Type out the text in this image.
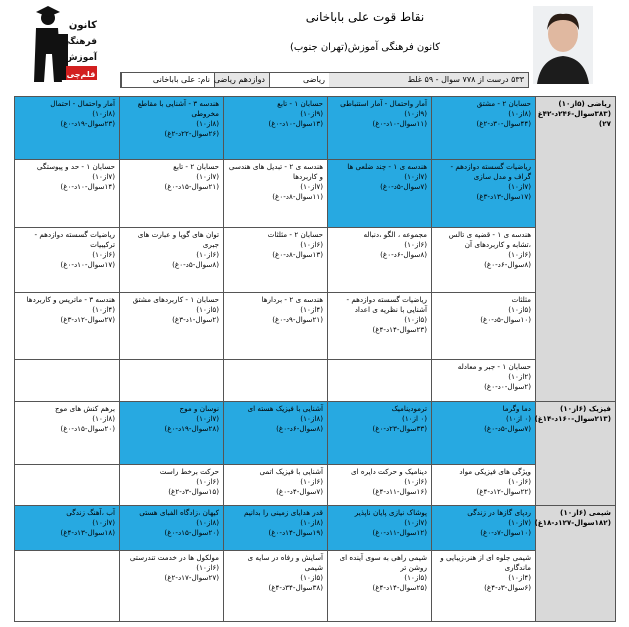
کانون
فرهنگی
آموزش
قلم‌چی
نقاط قوت علی باباخانی
کانون فرهنگی آموزش(تهران جنوب)
نام: علی باباخانی دوازدهم ریاضی	ریاضی	۵۳۳ درست از ۷۷۸ سوال - ۵۹ غلط
ریاضی (۵از۱۰) (۳۸۳سوال-۲۴۶د-۴۲غ ۲۷)	حسابان ۲ - مشتق
(۸از۱۰)
(۴۴سوال-۳۰د-۲غ)	آمار واحتمال - آمار استنباطی
(۹از۱۰)
(۱۱سوال-۱۰د-۰غ)	حسابان ۱ - تابع
(۹از۱۰)
(۱۳سوال-۱۰د-۰غ)	هندسه ۳ - آشنایی با مقاطع مخروطی
(۸از۱۰)
(۲۶سوال-۲۲د-۲غ)	آمار واحتمال - احتمال
(۸از۱۰)
(۲۳سوال-۱۹د-۰غ)

	ریاضیات گسسته دوازدهم - گراف و مدل سازی
(۷از۱۰)
(۱۷سوال-۱۳د-۳غ)	هندسه ی ۱ - چند ضلعی ها
(۷از۱۰)
(۷سوال-۵د-۰غ)	هندسه ی ۲ - تبدیل های هندسی و کاربردها
(۷از۱۰)
(۱۱سوال-۸د-۰غ)	حسابان ۲ - تابع
(۷از۱۰)
(۲۱سوال-۱۵د-۰غ)	حسابان ۱ - حد و پیوستگی
(۷از۱۰)
(۱۴سوال-۱۰د-۰غ)

	هندسه ی ۱ - قضیه ی تالس ،تشابه و کاربردهای آن
(۶از۱۰)
(۸سوال-۶د-۰غ)	مجموعه ، الگو ،دنباله
(۶از۱۰)
(۸سوال-۶د-۰غ)	حسابان ۲ - مثلثات
(۶از۱۰)
(۱۳سوال-۸د-۰غ)	توان های گویا و عبارت های جبری
(۶از۱۰)
(۸سوال-۵د-۰غ)	ریاضیات گسسته دوازدهم - ترکیبیات
(۶از۱۰)
(۱۷سوال-۱۰د-۰غ)

	مثلثات
(۵از۱۰)
(۱۰سوال-۵د-۰غ)	ریاضیات گسسته دوازدهم - آشنایی با نظریه ی اعداد
(۵از۱۰)
(۲۳سوال-۱۴د-۴غ)	هندسه ی ۲ - بردارها
(۴از۱۰)
(۲۱سوال-۹د-۰غ)	حسابان ۱ - کاربردهای مشتق
(۵از۱۰)
(۲سوال-۱د-۳غ)	هندسه ۳ - ماتریس و کاربردها
(۴از۱۰)
(۲۷سوال-۱۲د-۳غ)

	حسابان ۱ - جبر و معادله
(۲از۱۰)
(۲سوال-۰د-۰غ)				

فیزیک (۶از۱۰) (۲۱۳سوال-۱۶۰د-۱۴غ)	دما وگرما
(۰ از۱۰)
(۷سوال-۵د-۰غ)	ترمودینامیک
(۰ از۱۰)
(۳۳سوال-۲۳د-۰غ)	آشنایی با فیزیک هسته ای
(۸از۱۰)
(۸سوال-۶د-۰غ)	نوسان و موج
(۷از۱۰)
(۲۸سوال-۱۹د-۰غ)	برهم کنش های موج
(۸از۱۰)
(۲۰سوال-۱۵د-۰غ)

	ویژگی های فیزیکی مواد
(۶از۱۰)
(۲۲سوال-۱۲د-۴غ)	دینامیک و حرکت دایره ای
(۶از۱۰)
(۱۶سوال-۱۱د-۴غ)	آشنایی با فیزیک اتمی
(۶از۱۰)
(۷سوال-۴د-۰غ)	حرکت برخط راست
(۶از۱۰)
(۱۵سوال-۳د-۲غ)	

شیمی (۶از۱۰) (۱۸۲سوال-۱۲۷د-۱۸غ)	ردپای گازها در زندگی
(۷از۱۰)
(۱۰سوال-۷د-۰غ)	پوشاک نیازی پایان ناپذیر
(۷از۱۰)
(۱۲سوال-۱۱د-۰غ)	قدر هدایای زمینی را بدانیم
(۸از۱۰)
(۱۹سوال-۱۴د-۰غ)	کیهان ،زادگاه الفبای هستی
(۸از۱۰)
(۲۰سوال-۱۵د-۰غ)	آب ،آهنگ زندگی
(۷از۱۰)
(۱۸سوال-۱۳د-۴غ)

	شیمی جلوه ای از هنر،زیبایی و ماندگاری
(۴از۱۰)
(۶سوال-۳د-۴غ)	شیمی راهی به سوی آینده ای روشن تر
(۵از۱۰)
(۲۵سوال-۱۴د-۴غ)	آسایش و رفاه در سایه ی شیمی
(۵از۱۰)
(۳۸سوال-۳۴د-۴غ)	مولکول ها در خدمت تندرستی
(۶از۱۰)
(۲۷سوال-۱۷د-۲غ)	
